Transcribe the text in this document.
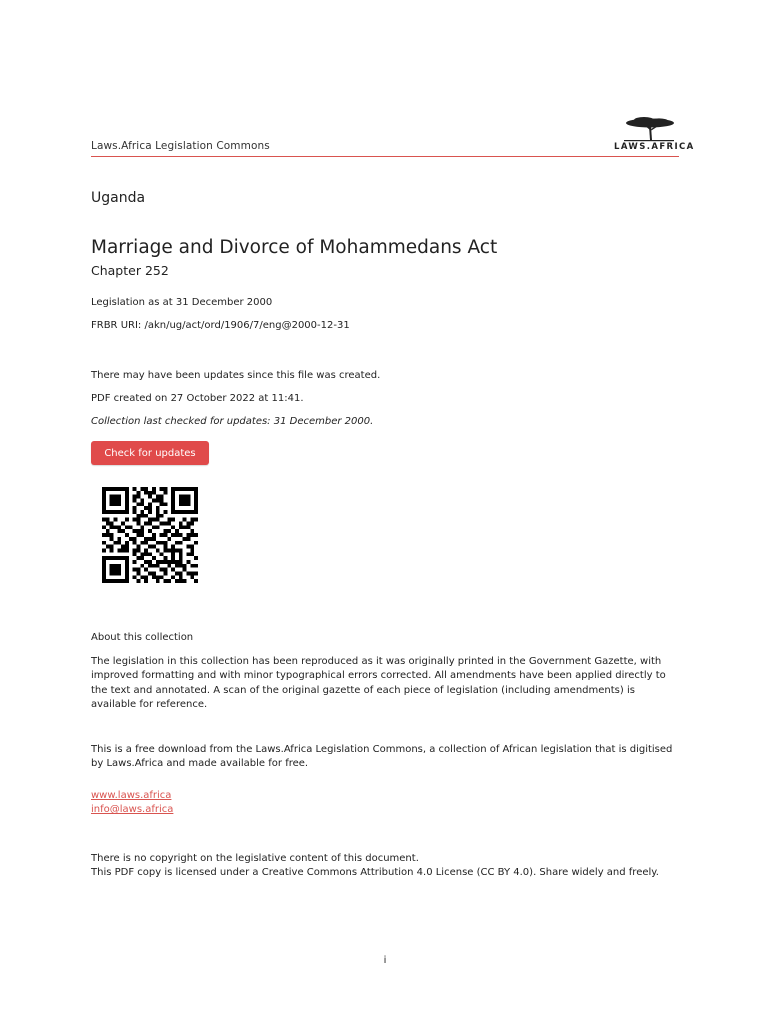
Laws.Africa Legislation Commons	LAWS.AFRICA
Uganda
Marriage and Divorce of Mohammedans Act
Chapter 252
Legislation as at 31 December 2000
FRBR URI: /akn/ug/act/ord/1906/7/eng@2000-12-31
There may have been updates since this file was created.
PDF created on 27 October 2022 at 11:41.
Collection last checked for updates: 31 December 2000.
Check for updates
About this collection
The legislation in this collection has been reproduced as it was originally printed in the Government Gazette, with improved formatting and with minor typographical errors corrected. All amendments have been applied directly to the text and annotated. A scan of the original gazette of each piece of legislation (including amendments) is available for reference.
This is a free download from the Laws.Africa Legislation Commons, a collection of African legislation that is digitised by Laws.Africa and made available for free.
www.laws.africa
info@laws.africa
There is no copyright on the legislative content of this document.
This PDF copy is licensed under a Creative Commons Attribution 4.0 License (CC BY 4.0). Share widely and freely.
i
